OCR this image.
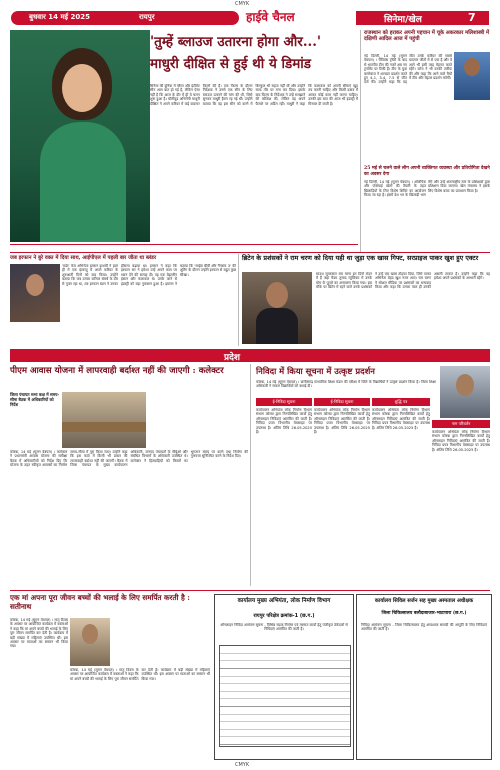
CMYK
बुधवार 14 मई 2025	रायपुर	हाईवे चैनल	सिनेमा/खेल	7
'तुम्हें ब्लाउज उतारना होगा और...'
माधुरी दीक्षित से हुई थी ये डिमांड
सिनेमा की दुनिया में ग्लैमर और इंटीमेट सीन आम बात हो गई है, लेकिन ऐसा नहीं है कि आज के दौर में ही ये चलन शुरू हुआ है। बॉलीवुड अभिनेत्री माधुरी दीक्षित ने अपने करियर में कई यादगार फिल्में की हैं। एक फिल्म के दौरान निर्देशक ने उनसे एक सीन के लिए ब्लाउज उतारने की मांग की थी, जिसे सुनकर माधुरी हैरान रह गई थीं। उन्होंने बताया कि वह इस सीन को करने में बिल्कुल भी सहज नहीं थीं और उन्होंने साफ तौर पर मना कर दिया। इसके बाद फिल्म के निर्देशक ने उन्हें समझाने की कोशिश की, लेकिन वह अपने फैसले पर अडिग रहीं। माधुरी ने कहा कि कलाकार को अपनी सीमाएं खुद तय करनी चाहिए और किसी दबाव में आकर कोई काम नहीं करना चाहिए। उनकी इस बात की आज भी इंडस्ट्री में मिसाल दी जाती है।
राजस्थान को हराकर अपनी पहचान में चूके अकरकार मलिशास्त्री में दक्षिणी आदिल आज में पहुंची
नई दिल्ली, 14 मई (सुमन वेबपल) । चैंपियंस ट्रॉफी के बाद से भारतीय टीम की नजरें अब नए टूर्नामेंट पर टिकी हैं। टीम के युवा बल्लेबाज ने शानदार प्रदर्शन करते हुए 4-1, 3-4, 7-5 से जीत दर्ज की। उन्होंने कहा कि यह जीत उनके करियर की सबसे यादगार जीतों में से एक है और वे आगे भी इसी तरह मेहनत करते रहेंगे। कोच ने भी उनकी तारीफ की और कहा कि आने वाले मैचों में टीम और बेहतर प्रदर्शन करेगी।
25 मई से चलने वाले लीग अपनी व्यक्तिगत व्यवस्था और प्रतियोगिता देखने का अवसर देगा
नई दिल्ली, 14 मई (सुमन वेबपल) । ओलंपिक और एशियाई खेलों की तैयारी के तहत खिलाड़ियों के लिए विशेष शिविर का आयोजन किया जा रहा है। इसमें देश भर के खिलाड़ी भाग लेंगे और उन्हें अंतरराष्ट्रीय स्तर के प्रशिक्षकों द्वारा प्रशिक्षण दिया जाएगा। खेल मंत्रालय ने इसके लिए विशेष बजट का प्रावधान किया है।
जब इरफान ने बुरे वक्त में दिया साथ, आईपीएल में पहली बार जीता था ब्लंडर
'मर्डर' फेम अभिनेता इमरान हाशमी ने हाल ही में एक इंटरव्यू में अपने करियर के शुरुआती दिनों को याद किया। उन्होंने बताया कि जब उनका करियर संघर्ष के दौर से गुजर रहा था, तब इरफान खान ने उनका हौसला बढ़ाया था। इमरान ने कहा कि इरफान सर ने हमेशा उन्हें अपने काम पर ध्यान देने की सलाह दी। वह एक बेहतरीन इंसान और कलाकार थे। उनके जाने से इंडस्ट्री को बड़ा नुकसान हुआ है। इमरान ने बताया कि 'साहेब बीवी और गैंगस्टर 3' की शूटिंग के दौरान उन्होंने इरफान से बहुत कुछ सीखा।
ब्रिटेन के प्रशंसकों ने राम चरण को दिया यही था जुड़ा एक खास गिफ्ट, सरप्राइज पाकर खुश हुए एक्टर
साउथ सुपरस्टार राम चरण इन दिनों लंदन में हैं जहां मैडम तुसाद म्यूजियम में उनके मोम के पुतले का अनावरण किया गया। इस मौके पर ब्रिटेन में रहने वाले उनके प्रशंसकों ने उन्हें एक खास तोहफा दिया, जिसे पाकर अभिनेता बेहद खुश नजर आए। राम चरण ने सोशल मीडिया पर प्रशंसकों का धन्यवाद किया और कहा कि उनका प्यार ही उनकी असली ताकत है। उन्होंने कहा कि वह हमेशा अपने प्रशंसकों के आभारी रहेंगे।
प्रदेश
पीएम आवास योजना में लापरवाही बर्दाश्त नहीं की जाएगी : कलेक्टर
जिला पंचायत सभा कक्ष में समय-सीमा बैठक में अधिकारियों को निर्देश
कोरबा, 14 मई (सुमन वेबपल) । कलेक्टर ने प्रधानमंत्री आवास योजना की समीक्षा बैठक में अधिकारियों को निर्देश दिए कि योजना के तहत स्वीकृत आवासों का निर्माण समय-सीमा में पूरा किया जाए। उन्होंने कहा कि इस कार्य में किसी भी प्रकार की लापरवाही बर्दाश्त नहीं की जाएगी। बैठक में जिला पंचायत के मुख्य कार्यपालन अधिकारी, जनपद पंचायतों के सीईओ और संबंधित विभागों के अधिकारी उपस्थित थे। कलेक्टर ने हितग्राहियों को किस्तों का भुगतान समय पर करने तथा निर्माण की गुणवत्ता सुनिश्चित करने के निर्देश दिए।
निविदा में किया सूचना में उत्कृष्ट प्रदर्शन
कोरबा, 14 मई (सुमन वेबपल) । छत्तीसगढ़ माध्यमिक शिक्षा मंडल की परीक्षा में जिले के विद्यार्थियों ने उत्कृष्ट प्रदर्शन किया है। जिला शिक्षा अधिकारी ने सफल विद्यार्थियों को बधाई दी।
ई-निविदा सूचना	ई-निविदा सूचना	शुद्धि पत्र
नाम परिवर्तन
कार्यपालन अभियंता लोक निर्माण विभाग संभाग कोरबा द्वारा निम्नलिखित कार्यों हेतु ऑनलाइन निविदाएं आमंत्रित की जाती हैं। निविदा प्रपत्र विभागीय वेबसाइट पर उपलब्ध है। अंतिम तिथि 26.05.2025 है।
कार्यपालन अभियंता लोक निर्माण विभाग संभाग कोरबा द्वारा निम्नलिखित कार्यों हेतु ऑनलाइन निविदाएं आमंत्रित की जाती हैं। निविदा प्रपत्र विभागीय वेबसाइट पर उपलब्ध है। अंतिम तिथि 26.05.2025 है।
कार्यपालन अभियंता लोक निर्माण विभाग संभाग कोरबा द्वारा निम्नलिखित कार्यों हेतु ऑनलाइन निविदाएं आमंत्रित की जाती हैं। निविदा प्रपत्र विभागीय वेबसाइट पर उपलब्ध है। अंतिम तिथि 26.05.2025 है।
कार्यपालन अभियंता लोक निर्माण विभाग संभाग कोरबा द्वारा निम्नलिखित कार्यों हेतु ऑनलाइन निविदाएं आमंत्रित की जाती हैं। निविदा प्रपत्र विभागीय वेबसाइट पर उपलब्ध है। अंतिम तिथि 26.05.2025 है।
एक मां अपना पूरा जीवन बच्चों की भलाई के लिए समर्पित करती है : सतीनाथ
कोरबा, 14 मई (सुमन वेबपल) । मातृ दिवस के अवसर पर आयोजित कार्यक्रम में वक्ताओं ने कहा कि मां अपने बच्चों की भलाई के लिए पूरा जीवन समर्पित कर देती है। कार्यक्रम में बड़ी संख्या में महिलाएं उपस्थित थीं। इस अवसर पर माताओं का सम्मान भी किया गया।
कोरबा, 14 मई (सुमन वेबपल) । मातृ दिवस के अवसर पर आयोजित कार्यक्रम में वक्ताओं ने कहा कि मां अपने बच्चों की भलाई के लिए पूरा जीवन समर्पित कर देती है। कार्यक्रम में बड़ी संख्या में महिलाएं उपस्थित थीं। इस अवसर पर माताओं का सम्मान भी किया गया।
कार्यालय मुख्य अभियंता, लोक निर्माण विभाग
रायपुर परिक्षेत्र क्रमांक-1 (छ.ग.)
ऑनलाइन निविदा आमंत्रण सूचना - विभिन्न सड़क निर्माण एवं मरम्मत कार्यों हेतु पंजीकृत ठेकेदारों से निविदाएं आमंत्रित की जाती हैं।
कार्यालय सिविल सर्जन सह मुख्य अस्पताल अधीक्षक
जिला चिकित्सालय बलौदाबाजार-भाटापारा (छ.ग.)
निविदा आमंत्रण सूचना - जिला चिकित्सालय हेतु आवश्यक सामग्री की आपूर्ति के लिए निविदाएं आमंत्रित की जाती हैं।
CMYK
